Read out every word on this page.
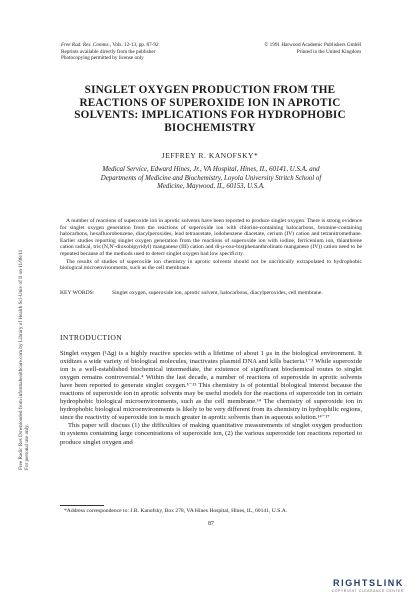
Free Rad. Res. Comms., Vols. 12-13, pp. 87-92
Reprints available directly from the publisher
Photocopying permitted by license only
© 1991 Harwood Academic Publishers GmbH
Printed in the United Kingdom
SINGLET OXYGEN PRODUCTION FROM THE
REACTIONS OF SUPEROXIDE ION IN APROTIC
SOLVENTS: IMPLICATIONS FOR HYDROPHOBIC
BIOCHEMISTRY
JEFFREY R. KANOFSKY*
Medical Service, Edward Hines, Jr., VA Hospital, Hines, IL, 60141, U.S.A. and
Departments of Medicine and Biochemistry, Loyola University Stritch School of
Medicine, Maywood, IL, 60153, U.S.A.

A number of reactions of superoxide ion in aprotic solvents have been reported to produce singlet oxygen. There is strong evidence for singlet oxygen generation from the reactions of superoxide ion with chlorine-containing halocarbons, bromine-containing halocarbons, hexafluorobenzene, diacylperoxides, lead tetraacetate, iodobenzene diacetate, cerium (IV) cation and tetranitromethane. Earlier studies reporting singlet oxygen generation from the reactions of superoxide ion with iodine, ferricenium ion, thianthrene cation radical, tris (N,N'-dioxobipyridyl) manganese (III) cation and di-μ-oxo-bis(phenanthrolinato manganese (IV)) cation need to be repeated because of the methods used to detect singlet oxygen had low specificity.

The results of studies of superoxide ion chemistry in aprotic solvents should not be uncritically extrapolated to hydrophobic biological microenvironments, such as the cell membrane.

KEY WORDS:	Singlet oxygen, superoxide ion, aprotic solvent, halocarbons, diacylperoxides, cell membrane.
INTRODUCTION

Singlet oxygen (¹Δg) is a highly reactive species with a lifetime of about 1 μs in the biological environment. It oxidizes a wide variety of biological molecules, inactivates plasmid DNA and kills bacteria.¹⁻³ While superoxide ion is a well-established biochemical intermediate, the existence of significant biochemical routes to singlet oxygen remains controversial.⁴ Within the last decade, a number of reactions of superoxide in aprotic solvents have been reported to generate singlet oxygen.⁵⁻¹³ This chemistry is of potential biological interest because the reactions of superoxide ion in aprotic solvents may be useful models for the reactions of superoxide ion in certain hydrophobic biological microenvironments, such as the cell membrane.¹⁴ The chemistry of superoxide ion in hydrophobic biological microenvironments is likely to be very different from its chemistry in hydrophilic regions, since the reactivity of superoxide ion is much greater in aprotic solvents than in aqueous solution.¹⁴⁻¹⁷

This paper will discuss (1) the difficulties of making quantitative measurements of singlet oxygen production in systems containing large concentrations of superoxide ion, (2) the various superoxide ion reactions reported to produce singlet oxygen and

*Address correspondence to: J.R. Kanofsky, Box 278, VA Hines Hospital, Hines, IL, 60141, U.S.A.
87
Free Radic Res Downloaded from informahealthcare.com by Library of Health Sci-Univ of Il on 11/08/11 For personal use only.
RIGHTSLINK
COPYRIGHT CLEARANCE CENTER
